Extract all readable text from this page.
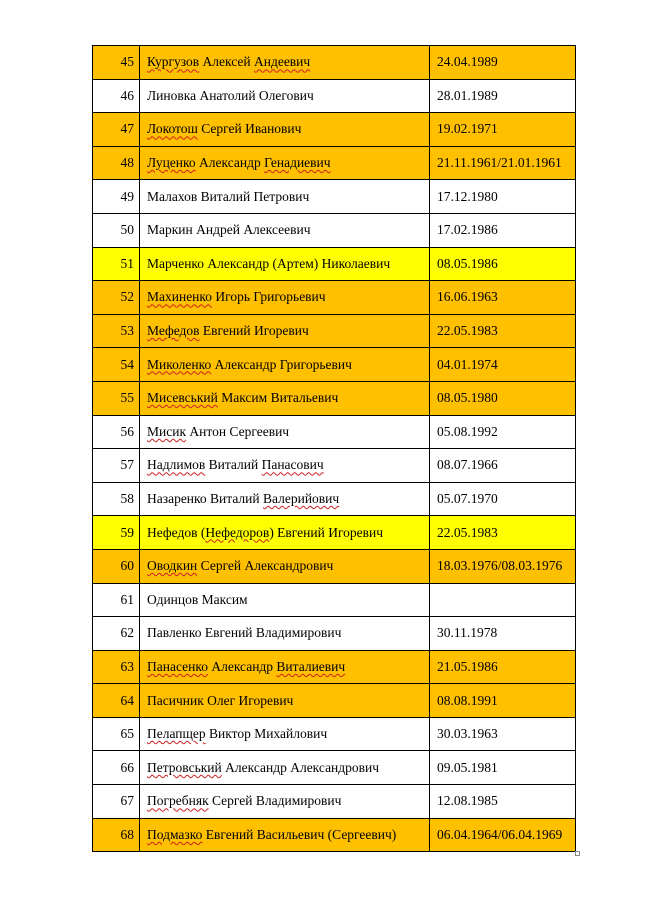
45	Кургузов Алексей Андеевич	24.04.1989
46	Линовка Анатолий Олегович	28.01.1989
47	Локотош Сергей Иванович	19.02.1971
48	Луценко Александр Генадиевич	21.11.1961/21.01.1961
49	Малахов Виталий Петрович	17.12.1980
50	Маркин Андрей Алексеевич	17.02.1986
51	Марченко Александр (Артем) Николаевич	08.05.1986
52	Махиненко Игорь Григорьевич	16.06.1963
53	Мефедов Евгений Игоревич	22.05.1983
54	Миколенко Александр Григорьевич	04.01.1974
55	Мисевський Максим Витальевич	08.05.1980
56	Мисик Антон Сергеевич	05.08.1992
57	Надлимов Виталий Панасович	08.07.1966
58	Назаренко Виталий Валерийович	05.07.1970
59	Нефедов (Нефедоров) Евгений Игоревич	22.05.1983
60	Оводкин Сергей Александрович	18.03.1976/08.03.1976
61	Одинцов Максим	
62	Павленко Евгений Владимирович	30.11.1978
63	Панасенко Александр Виталиевич	21.05.1986
64	Пасичник Олег Игоревич	08.08.1991
65	Пелапщер Виктор Михайлович	30.03.1963
66	Петровський Александр Александрович	09.05.1981
67	Погребняк Сергей Владимирович	12.08.1985
68	Подмазко Евгений Васильевич (Сергеевич)	06.04.1964/06.04.1969
